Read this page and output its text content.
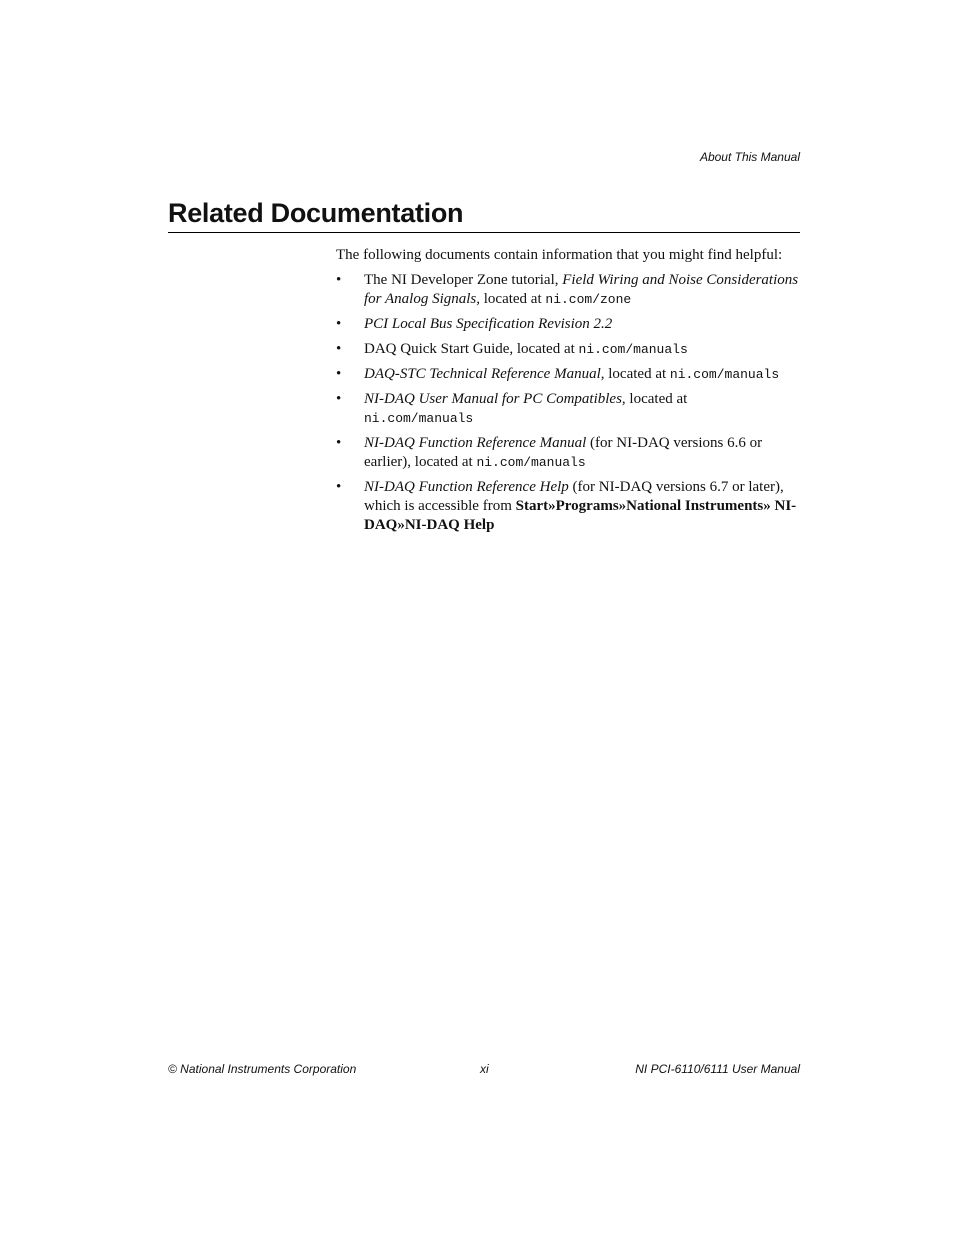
About This Manual
Related Documentation

The following documents contain information that you might find helpful:

• The NI Developer Zone tutorial, Field Wiring and Noise Considerations for Analog Signals, located at ni.com/zone
• PCI Local Bus Specification Revision 2.2
• DAQ Quick Start Guide, located at ni.com/manuals
• DAQ-STC Technical Reference Manual, located at ni.com/manuals
• NI-DAQ User Manual for PC Compatibles, located at
ni.com/manuals
• NI-DAQ Function Reference Manual (for NI-DAQ versions 6.6 or earlier), located at ni.com/manuals
• NI-DAQ Function Reference Help (for NI-DAQ versions 6.7 or later), which is accessible from Start»Programs»National Instruments» NI-DAQ»NI-DAQ Help
© National Instruments Corporation	xi	NI PCI-6110/6111 User Manual
